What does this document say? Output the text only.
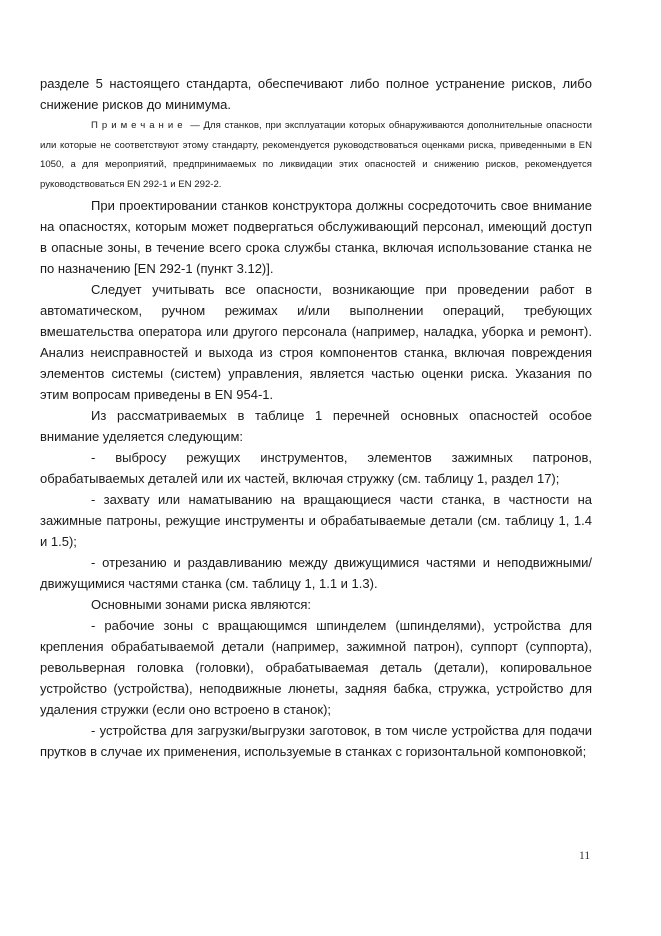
разделе 5 настоящего стандарта, обеспечивают либо полное устранение рисков, либо снижение рисков до минимума.

Примечание — Для станков, при эксплуатации которых обнаруживаются дополнительные опасности или которые не соответствуют этому стандарту, рекомендуется руководствоваться оценками риска, приведенными в EN 1050, а для мероприятий, предпринимаемых по ликвидации этих опасностей и снижению рисков, рекомендуется руководствоваться EN 292-1 и EN 292-2.

При проектировании станков конструктора должны сосредоточить свое внимание на опасностях, которым может подвергаться обслуживающий персонал, имеющий доступ в опасные зоны, в течение всего срока службы станка, включая использование станка не по назначению [EN 292-1 (пункт 3.12)].

Следует учитывать все опасности, возникающие при проведении работ в автоматическом, ручном режимах и/или выполнении операций, требующих вмешательства оператора или другого персонала (например, наладка, уборка и ремонт). Анализ неисправностей и выхода из строя компонентов станка, включая повреждения элементов системы (систем) управления, является частью оценки риска. Указания по этим вопросам приведены в EN 954-1.

Из рассматриваемых в таблице 1 перечней основных опасностей особое внимание уделяется следующим:

- выбросу режущих инструментов, элементов зажимных патронов, обрабатываемых деталей или их частей, включая стружку (см. таблицу 1, раздел 17);

- захвату или наматыванию на вращающиеся части станка, в частности на зажимные патроны, режущие инструменты и обрабатываемые детали (см. таблицу 1, 1.4 и 1.5);

- отрезанию и раздавливанию между движущимися частями и неподвижными/движущимися частями станка (см. таблицу 1, 1.1 и 1.3).

Основными зонами риска являются:

- рабочие зоны с вращающимся шпинделем (шпинделями), устройства для крепления обрабатываемой детали (например, зажимной патрон), суппорт (суппорта), револьверная головка (головки), обрабатываемая деталь (детали), копировальное устройство (устройства), неподвижные люнеты, задняя бабка, стружка, устройство для удаления стружки (если оно встроено в станок);

- устройства для загрузки/выгрузки заготовок, в том числе устройства для подачи прутков в случае их применения, используемые в станках с горизонтальной компоновкой;

11
